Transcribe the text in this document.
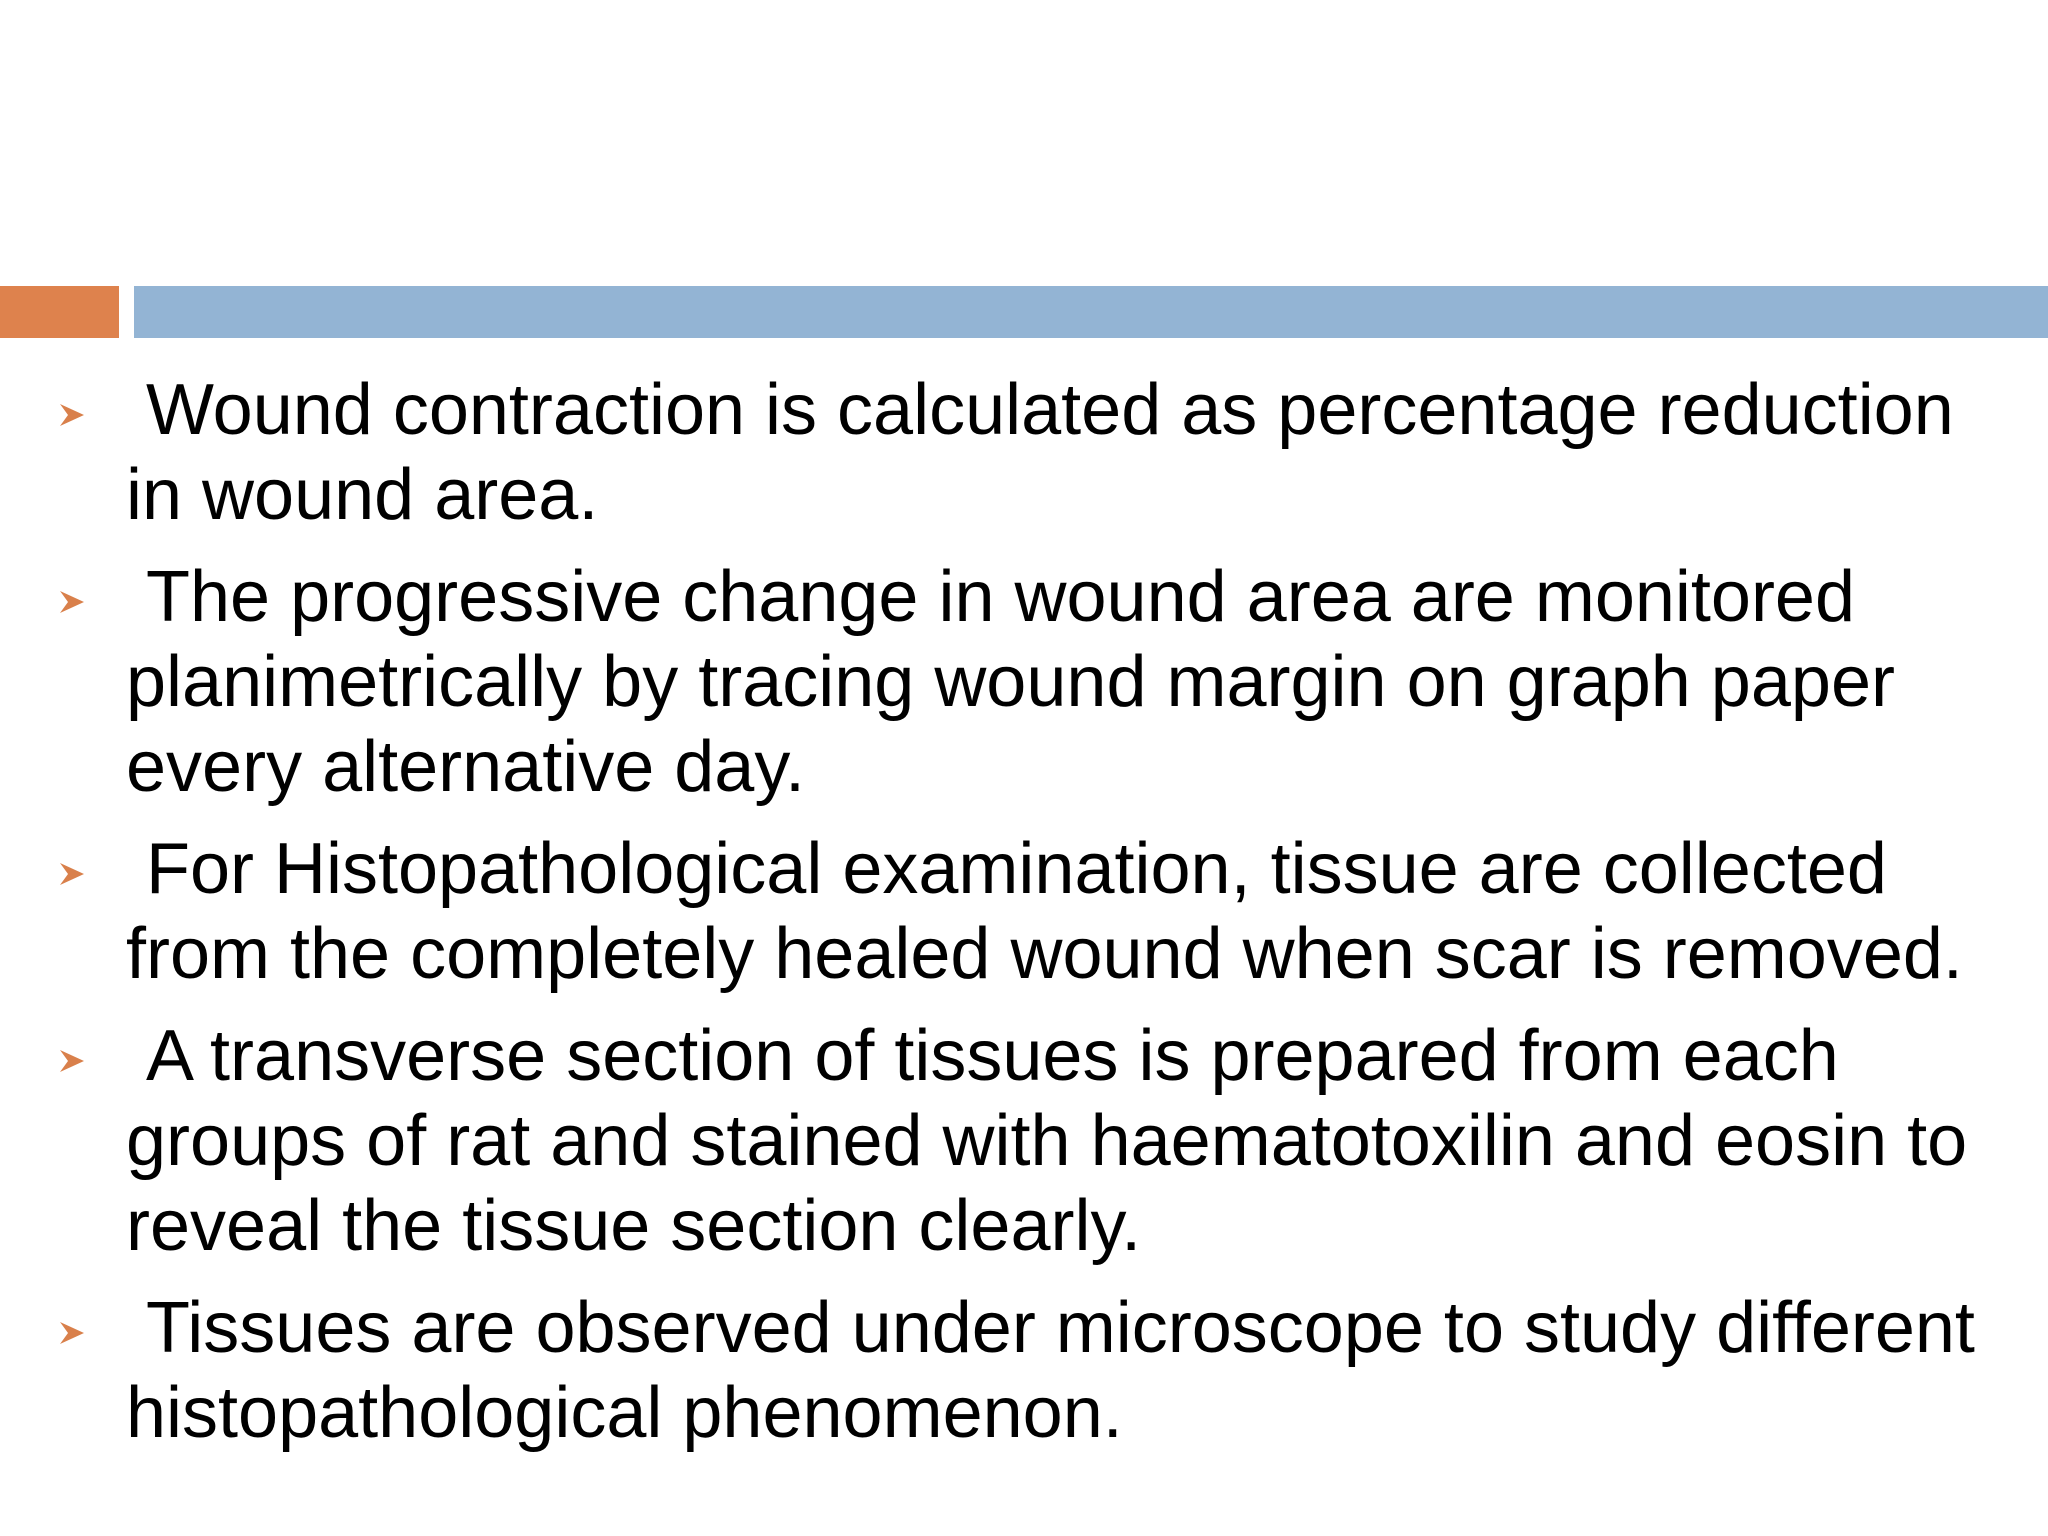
Wound contraction is calculated as percentage reduction in wound area.
The progressive change in wound area are monitored planimetrically by tracing wound margin on graph paper every alternative day.
For Histopathological examination, tissue are collected from the completely healed wound when scar is removed.
A transverse section of tissues is prepared from each groups of rat and stained with haematotoxilin and eosin to reveal the tissue section clearly.
Tissues are observed under microscope to study different histopathological phenomenon.
